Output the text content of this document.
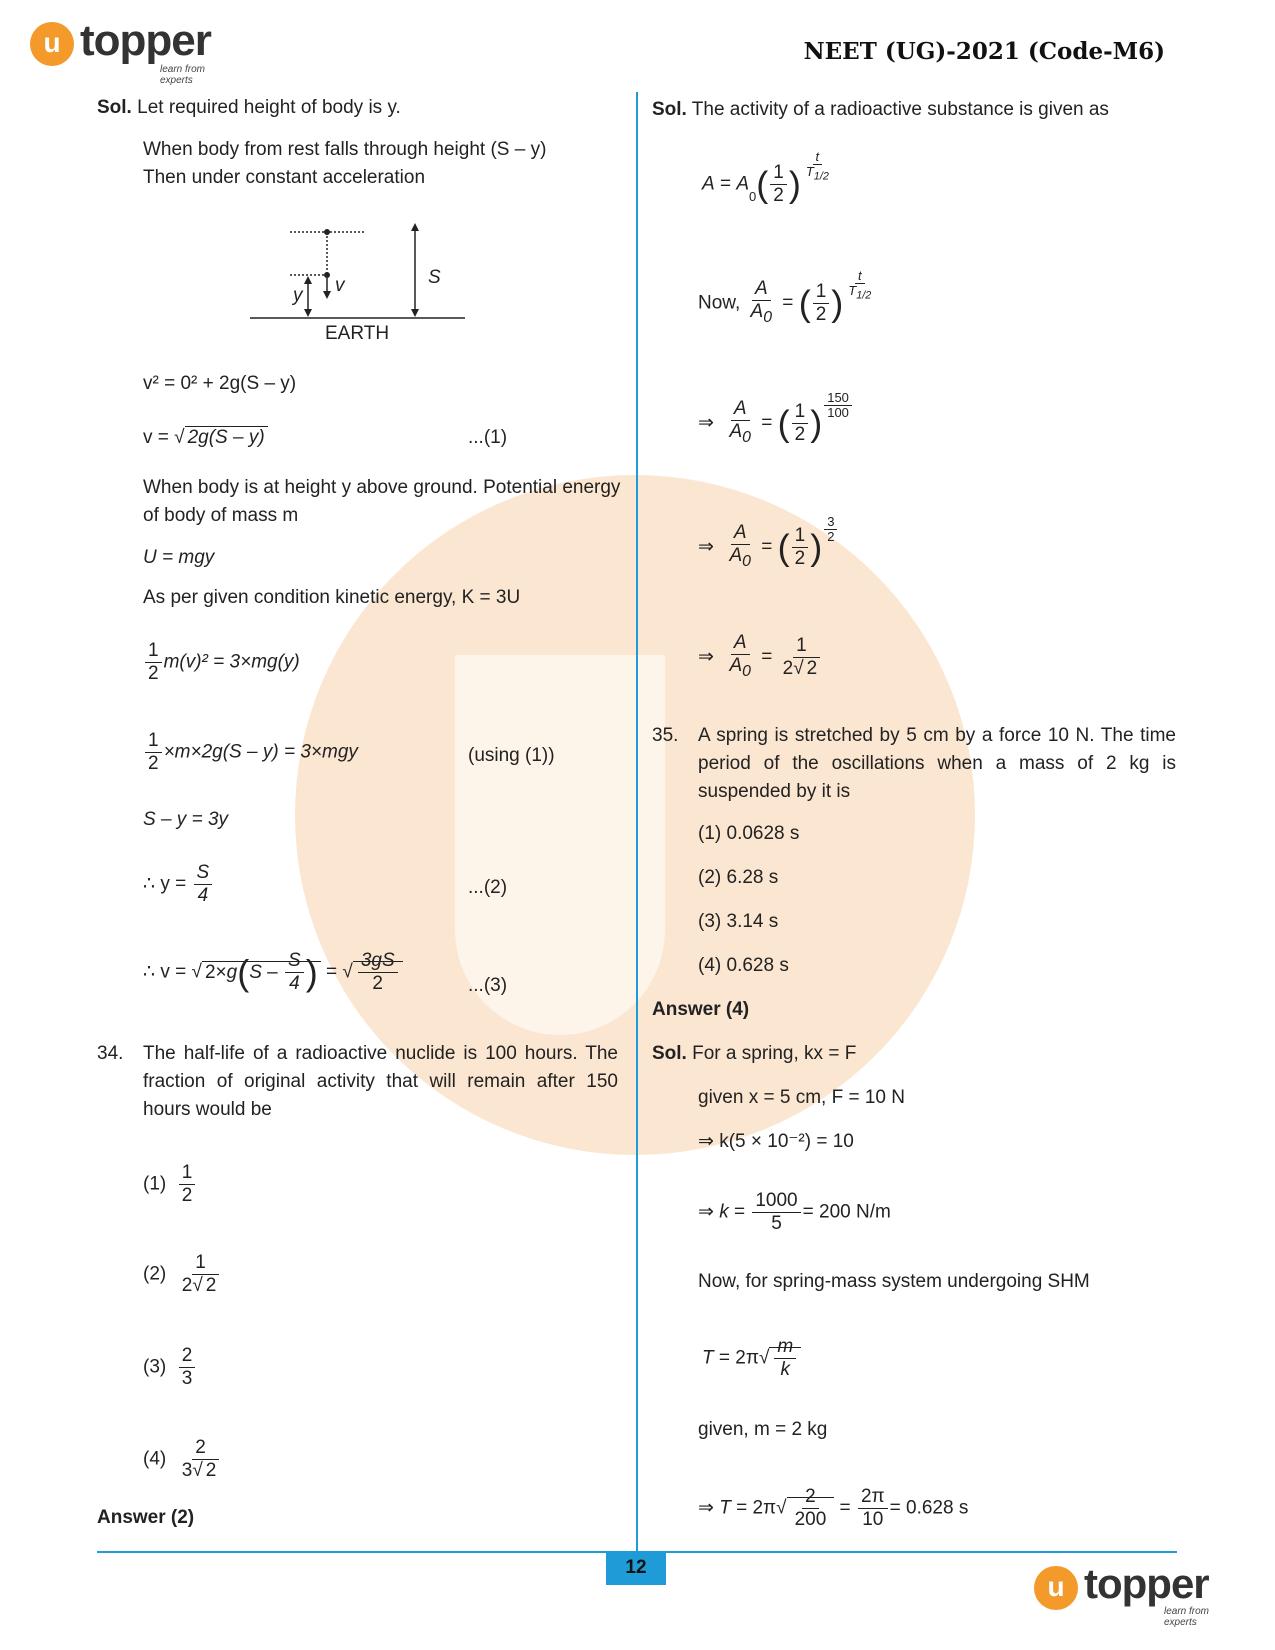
u topper
learn from experts
NEET (UG)-2021 (Code-M6)
Sol. Let required height of body is y.
When body from rest falls through height (S – y)
Then under constant acceleration
y v	S
EARTH
v² = 0² + 2g(S – y)
v = √ 2g(S – y)	...(1)
When body is at height y above ground. Potential energy of body of mass m
U = mgy
As per given condition kinetic energy, K = 3U
$\frac{1}{2} m(v)^2 = 3\times mg(y)$
$\frac{1}{2} \times m\times 2g(S - y) = 3\times mgy$	(using (1))
S – y = 3y
∴ $y = \frac{S}{4}$	...(2)
∴ v = √ $2\times g(S - \frac{S}{4}$ ) = √ $\frac{3gS}{2}$	...(3)
34. The half-life of a radioactive nuclide is 100 hours. The fraction of original activity that will remain after 150 hours would be
$(1) \frac{1}{2}$
$(2) \frac{1}{2√ 2}$
$(3) \frac{2}{3}$
$(4) \frac{2}{3√ 2}$
Answer (2)
Sol. The activity of a radioactive substance is given as
$A = A_0( \frac{1}{2}$ ) $\frac{t}{T_{1/2}}$
Now, $\frac{A}{A_0}$ = ( $\frac{1}{2}$ ) $\frac{t}{T_{1/2}}$
⇒ $\frac{A}{A_0}$ = ( $\frac{1}{2}$ ) $\frac{150}{100}$
⇒ $\frac{A}{A_0}$ = ( $\frac{1}{2}$ ) $\frac{3}{2}$
⇒ $\frac{A}{A_0} = \frac{1}{2√ 2}$
35. A spring is stretched by 5 cm by a force 10 N. The time period of the oscillations when a mass of 2 kg is suspended by it is
(1) 0.0628 s
(2) 6.28 s
(3) 3.14 s
(4) 0.628 s
Answer (4)
Sol. For a spring, kx = F
given x = 5 cm, F = 10 N
⇒ k(5 × 10⁻²) = 10
⇒ $k = \frac{1000}{5} = 200$ N/m
Now, for spring-mass system undergoing SHM
$T = 2\pi√ \frac{m}{k}$
given, m = 2 kg
⇒ $T = 2\pi√ \frac{2}{200} = \frac{2\pi}{10} = 0.628$ s
12
u topper
learn from experts
